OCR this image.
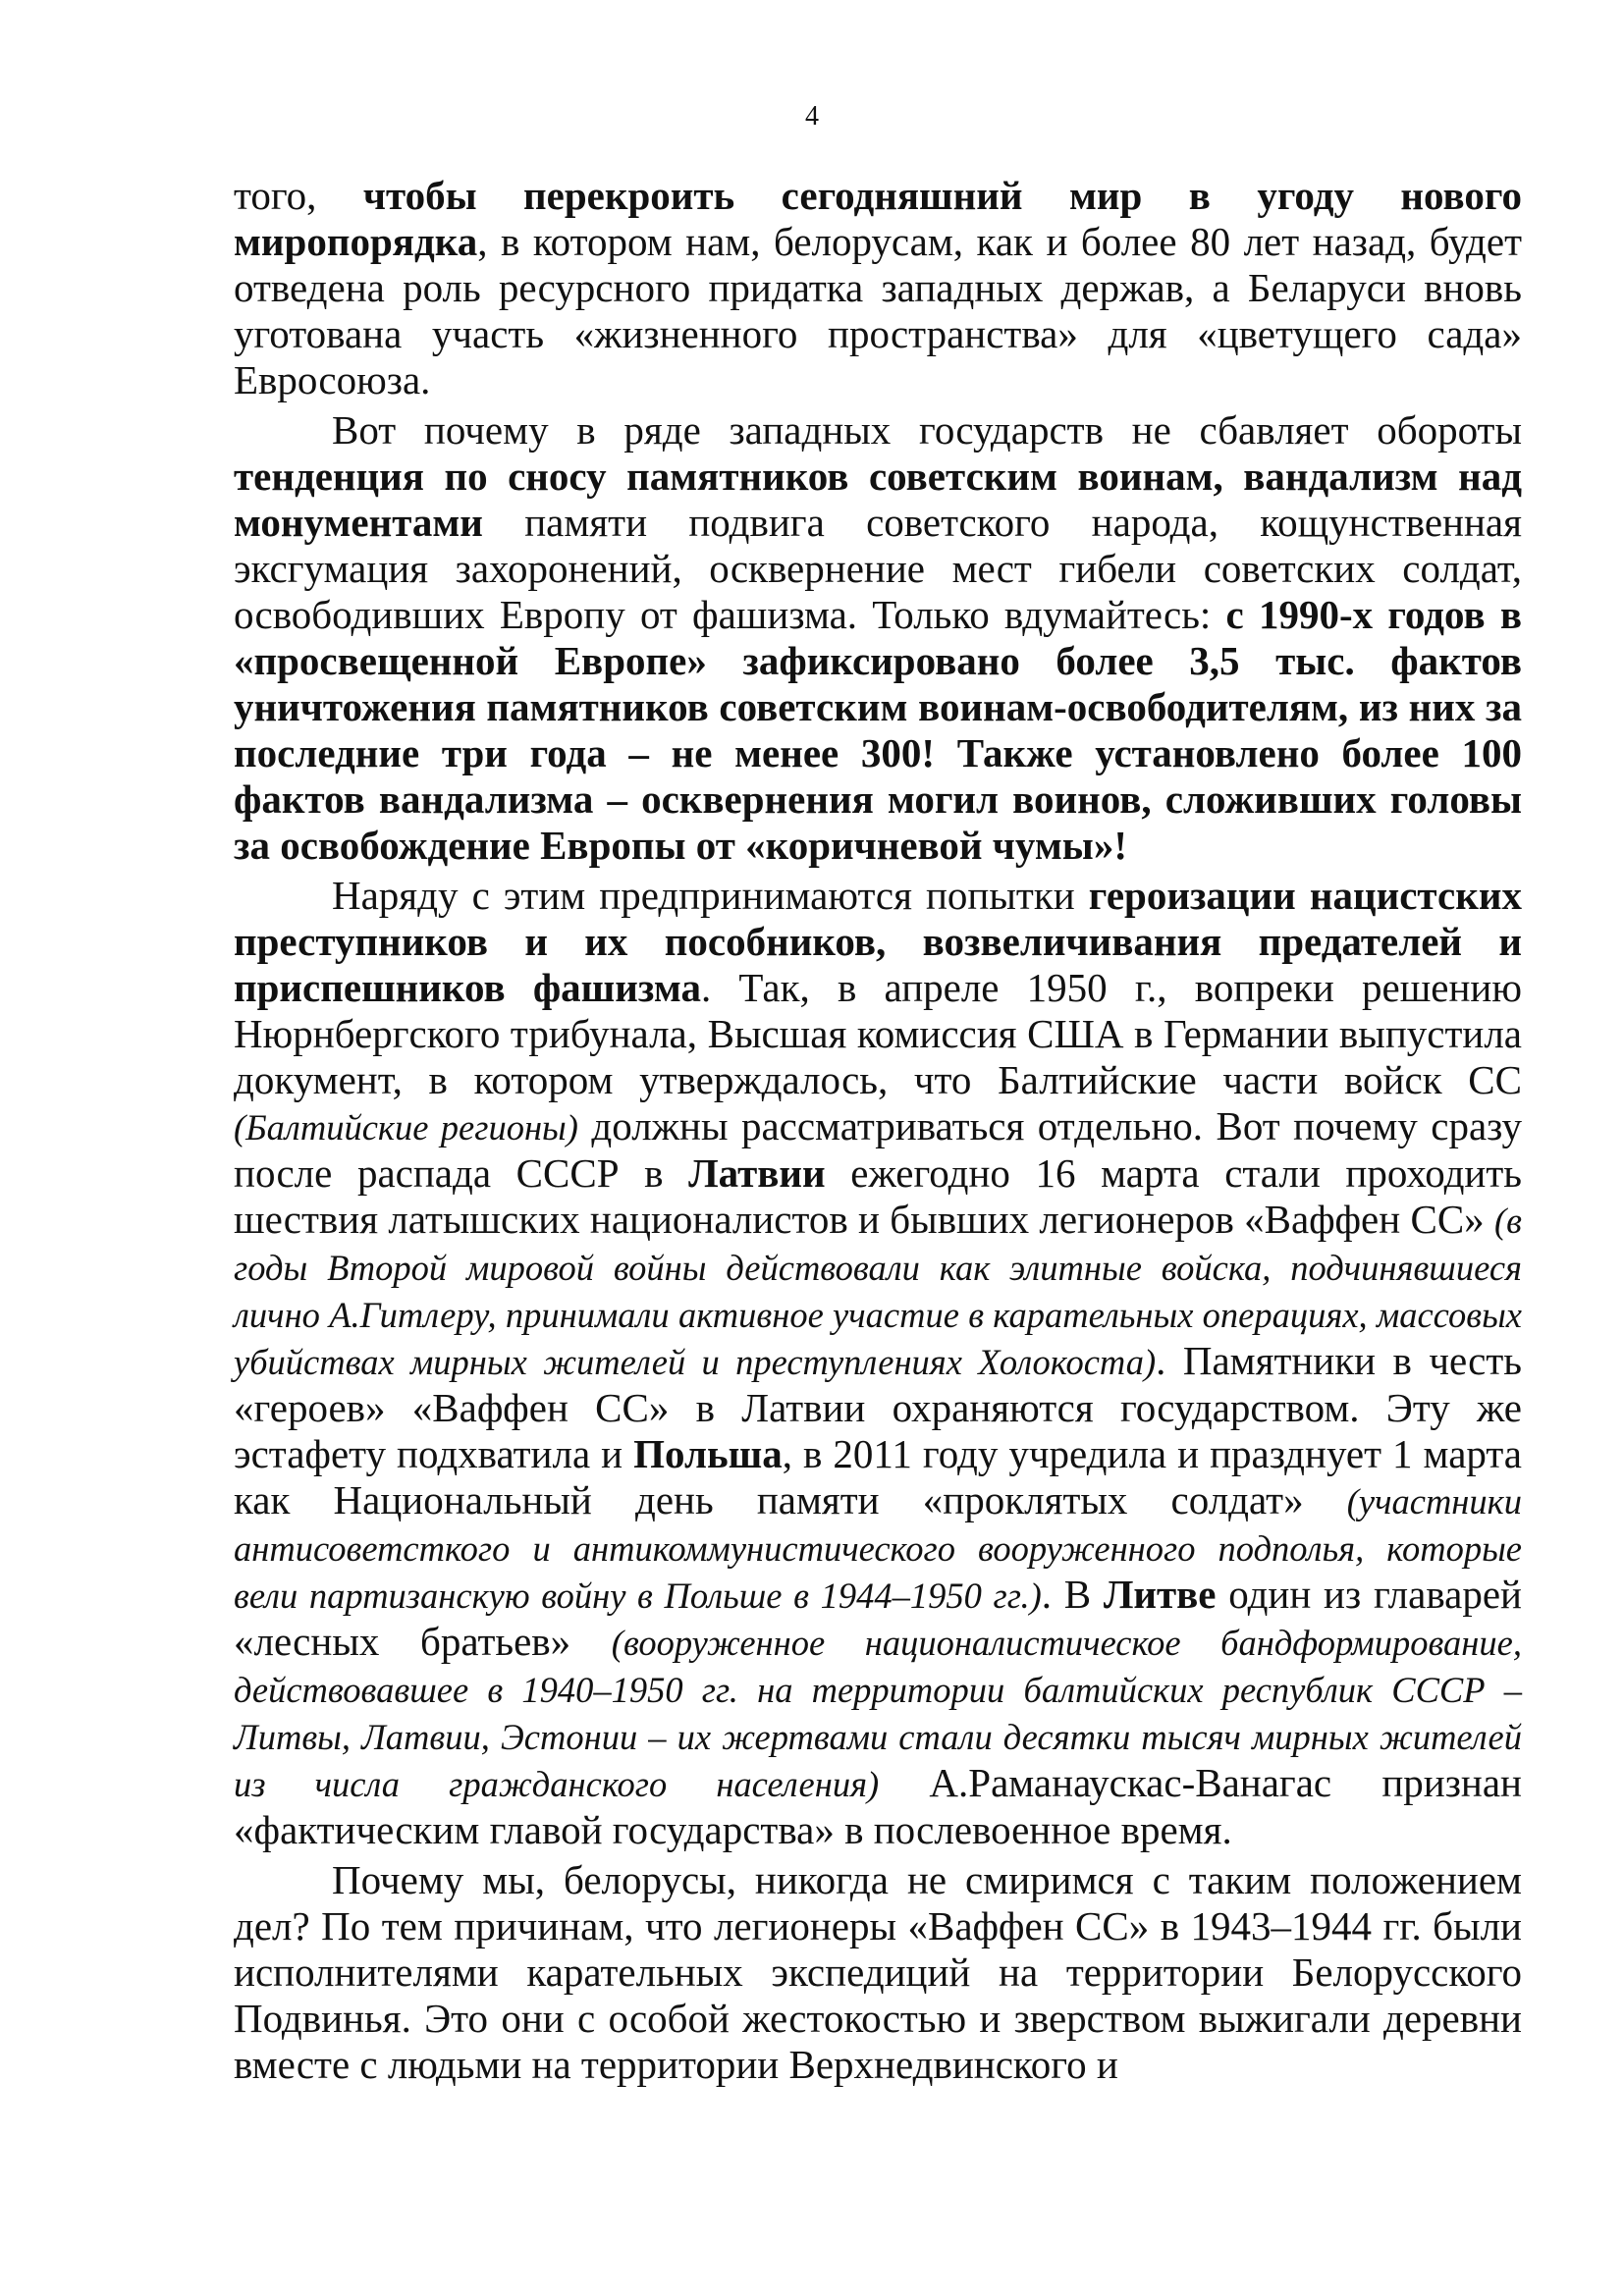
4

того, чтобы перекроить сегодняшний мир в угоду нового миропорядка, в котором нам, белорусам, как и более 80 лет назад, будет отведена роль ресурсного придатка западных держав, а Беларуси вновь уготована участь «жизненного пространства» для «цветущего сада» Евросоюза.

Вот почему в ряде западных государств не сбавляет обороты тенденция по сносу памятников советским воинам, вандализм над монументами памяти подвига советского народа, кощунственная эксгумация захоронений, осквернение мест гибели советских солдат, освободивших Европу от фашизма. Только вдумайтесь: с 1990-х годов в «просвещенной Европе» зафиксировано более 3,5 тыс. фактов уничтожения памятников советским воинам-освободителям, из них за последние три года – не менее 300! Также установлено более 100 фактов вандализма – осквернения могил воинов, сложивших головы за освобождение Европы от «коричневой чумы»!

Наряду с этим предпринимаются попытки героизации нацистских преступников и их пособников, возвеличивания предателей и приспешников фашизма. Так, в апреле 1950 г., вопреки решению Нюрнбергского трибунала, Высшая комиссия США в Германии выпустила документ, в котором утверждалось, что Балтийские части войск СС (Балтийские регионы) должны рассматриваться отдельно. Вот почему сразу после распада СССР в Латвии ежегодно 16 марта стали проходить шествия латышских националистов и бывших легионеров «Ваффен СС» (в годы Второй мировой войны действовали как элитные войска, подчинявшиеся лично А.Гитлеру, принимали активное участие в карательных операциях, массовых убийствах мирных жителей и преступлениях Холокоста). Памятники в честь «героев» «Ваффен СС» в Латвии охраняются государством. Эту же эстафету подхватила и Польша, в 2011 году учредила и празднует 1 марта как Национальный день памяти «проклятых солдат» (участники антисоветсткого и антикоммунистического вооруженного подполья, которые вели партизанскую войну в Польше в 1944–1950 гг.). В Литве один из главарей «лесных братьев» (вооруженное националистическое бандформирование, действовавшее в 1940–1950 гг. на территории балтийских республик СССР –Литвы, Латвии, Эстонии – их жертвами стали десятки тысяч мирных жителей из числа гражданского населения) А.Раманаускас-Ванагас признан «фактическим главой государства» в послевоенное время.

Почему мы, белорусы, никогда не смиримся с таким положением дел? По тем причинам, что легионеры «Ваффен СС» в 1943–1944 гг. были исполнителями карательных экспедиций на территории Белорусского Подвинья. Это они с особой жестокостью и зверством выжигали деревни вместе с людьми на территории Верхнедвинского и
